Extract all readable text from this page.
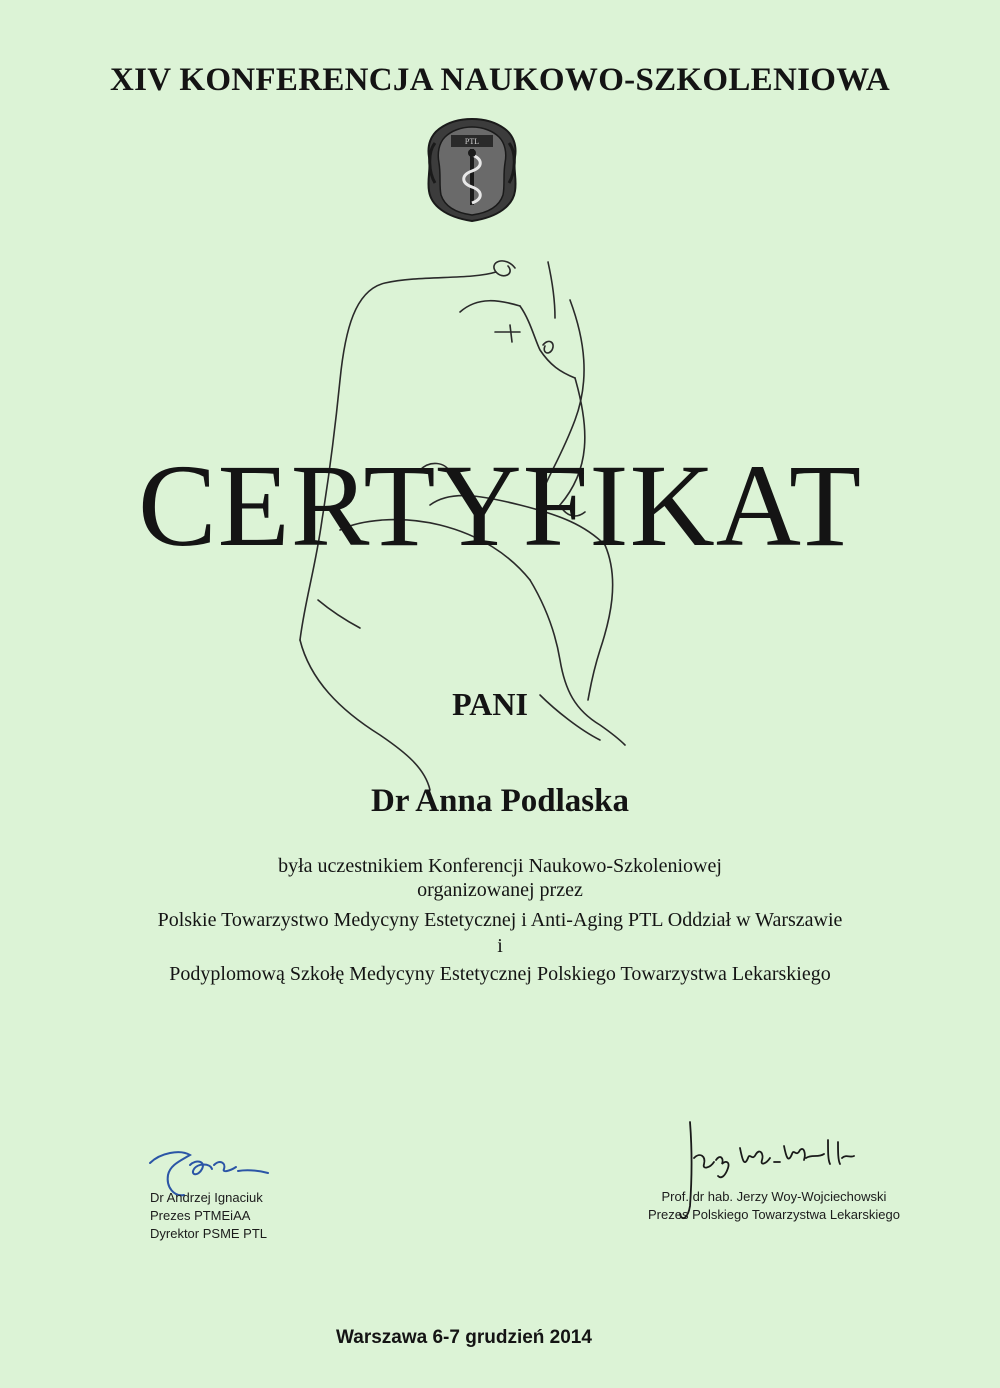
XIV KONFERENCJA NAUKOWO-SZKOLENIOWA
PTL
CERTYFIKAT
PANI
Dr Anna Podlaska
była uczestnikiem Konferencji Naukowo-Szkoleniowej
organizowanej przez
Polskie Towarzystwo Medycyny Estetycznej i Anti-Aging PTL Oddział w Warszawie
i
Podyplomową Szkołę Medycyny Estetycznej Polskiego Towarzystwa Lekarskiego
Dr Andrzej Ignaciuk
Prezes PTMEiAA
Dyrektor PSME PTL
Prof. dr hab. Jerzy Woy-Wojciechowski
Prezes Polskiego Towarzystwa Lekarskiego
Warszawa 6-7 grudzień 2014
